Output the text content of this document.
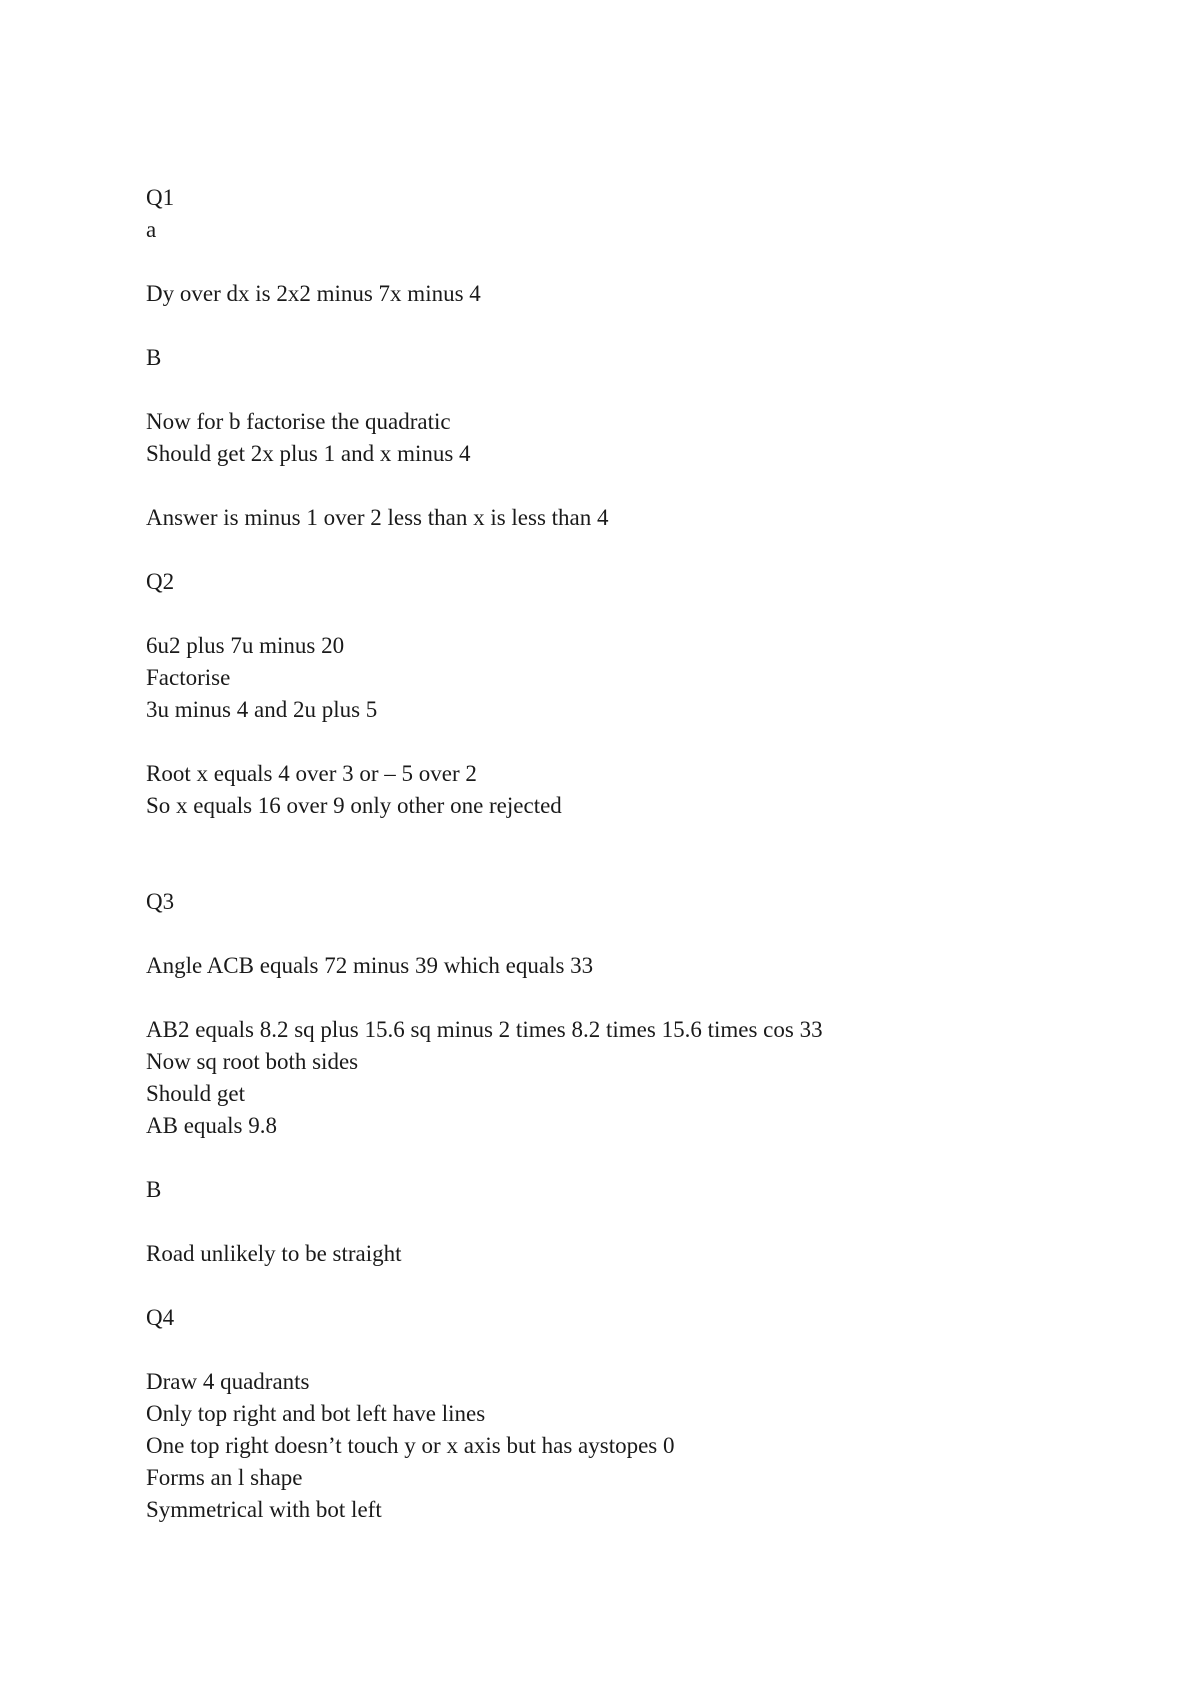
Q1
a
Dy over dx is 2x2 minus 7x minus 4
B
Now for b factorise the quadratic
Should get 2x plus 1 and x minus 4
Answer is minus 1 over 2 less than x is less than 4
Q2
6u2 plus 7u minus 20
Factorise
3u minus 4 and 2u plus 5
Root x equals 4 over 3 or – 5 over 2
So x equals 16 over 9 only other one rejected
Q3
Angle ACB equals 72 minus 39 which equals 33
AB2 equals 8.2 sq plus 15.6 sq minus 2 times 8.2 times 15.6 times cos 33
Now sq root both sides
Should get
AB equals 9.8
B
Road unlikely to be straight
Q4
Draw 4 quadrants
Only top right and bot left have lines
One top right doesn’t touch y or x axis but has aystopes 0
Forms an l shape
Symmetrical with bot left
